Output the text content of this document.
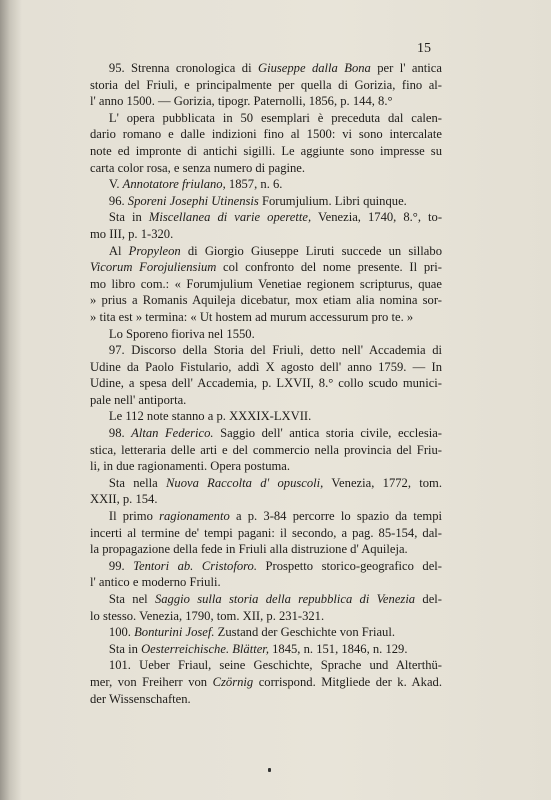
15
  95. Strenna cronologica di Giuseppe dalla Bona per l' antica
storia del Friuli, e principalmente per quella di Gorizia, fino al-
l' anno 1500. — Gorizia, tipogr. Paternolli, 1856, p. 144, 8.°
  L' opera pubblicata in 50 esemplari è preceduta dal calen-
dario romano e dalle indizioni fino al 1500: vi sono intercalate
note ed impronte di antichi sigilli. Le aggiunte sono impresse su
carta color rosa, e senza numero di pagine.
  V. Annotatore friulano, 1857, n. 6.
  96. Sporeni Josephi Utinensis Forumjulium. Libri quinque.
  Sta in Miscellanea di varie operette, Venezia, 1740, 8.°, to-
mo III, p. 1-320.
  Al Propyleon di Giorgio Giuseppe Liruti succede un sillabo
Vicorum Forojuliensium col confronto del nome presente. Il pri-
mo libro com.: « Forumjulium Venetiae regionem scripturus, quae
» prius a Romanis Aquileja dicebatur, mox etiam alia nomina sor-
» tita est » termina: « Ut hostem ad murum accessurum pro te. »
  Lo Sporeno fioriva nel 1550.
  97. Discorso della Storia del Friuli, detto nell' Accademia di
Udine da Paolo Fistulario, addì X agosto dell' anno 1759. — In
Udine, a spesa dell' Accademia, p. LXVII, 8.° collo scudo munici-
pale nell' antiporta.
  Le 112 note stanno a p. XXXIX-LXVII.
  98. Altan Federico. Saggio dell' antica storia civile, ecclesia-
stica, letteraria delle arti e del commercio nella provincia del Friu-
li, in due ragionamenti. Opera postuma.
  Sta nella Nuova Raccolta d' opuscoli, Venezia, 1772, tom.
XXII, p. 154.
  Il primo ragionamento a p. 3-84 percorre lo spazio da tempi
incerti al termine de' tempi pagani: il secondo, a pag. 85-154, dal-
la propagazione della fede in Friuli alla distruzione d' Aquileja.
  99. Tentori ab. Cristoforo. Prospetto storico-geografico del-
l' antico e moderno Friuli.
  Sta nel Saggio sulla storia della repubblica di Venezia del-
lo stesso. Venezia, 1790, tom. XII, p. 231-321.
  100. Bonturini Josef. Zustand der Geschichte von Friaul.
  Sta in Oesterreichische. Blätter, 1845, n. 151, 1846, n. 129.
  101. Ueber Friaul, seine Geschichte, Sprache und Alterthü-
mer, von Freiherr von Czörnig corrispond. Mitgliede der k. Akad.
der Wissenschaften.
